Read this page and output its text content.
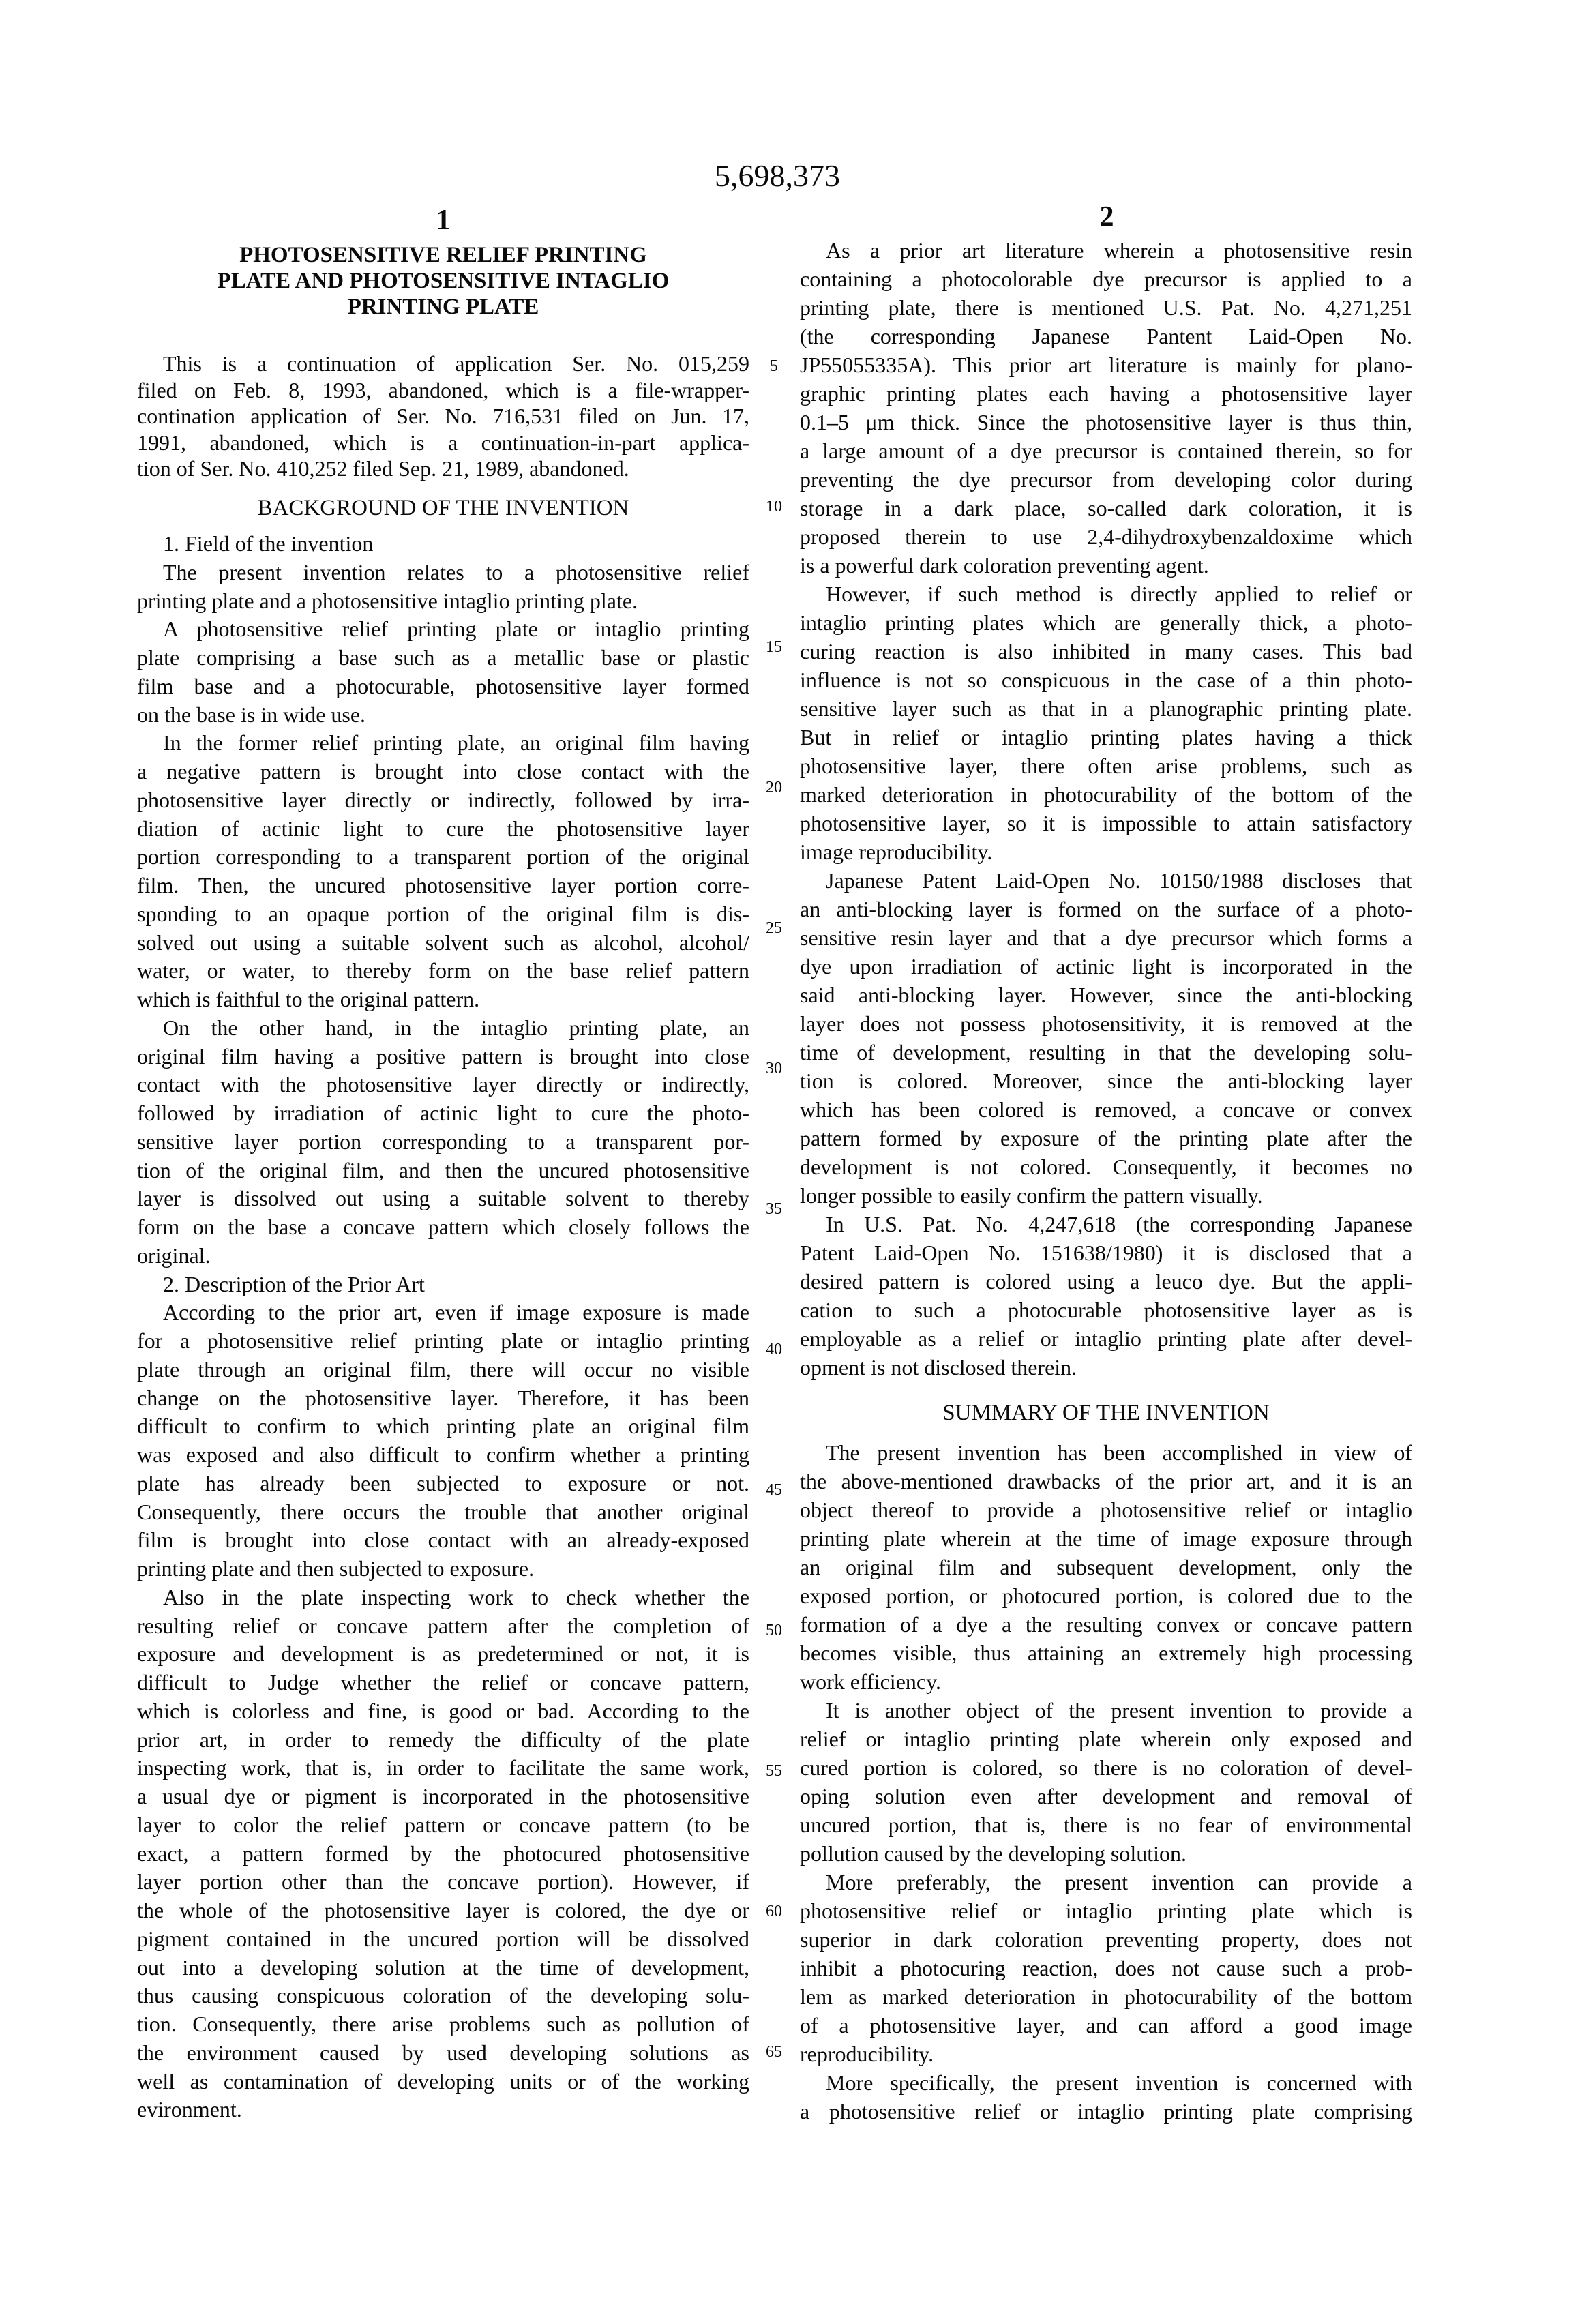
5,698,373
1	2
PHOTOSENSITIVE RELIEF PRINTING
PLATE AND PHOTOSENSITIVE INTAGLIO
PRINTING PLATE
This is a continuation of application Ser. No. 015,259
filed on Feb. 8, 1993, abandoned, which is a file-wrapper-
contination application of Ser. No. 716,531 filed on Jun. 17,
1991, abandoned, which is a continuation-in-part applica-
tion of Ser. No. 410,252 filed Sep. 21, 1989, abandoned.
BACKGROUND OF THE INVENTION
1. Field of the invention
The present invention relates to a photosensitive relief
printing plate and a photosensitive intaglio printing plate.
A photosensitive relief printing plate or intaglio printing
plate comprising a base such as a metallic base or plastic
film base and a photocurable, photosensitive layer formed
on the base is in wide use.
In the former relief printing plate, an original film having
a negative pattern is brought into close contact with the
photosensitive layer directly or indirectly, followed by irra-
diation of actinic light to cure the photosensitive layer
portion corresponding to a transparent portion of the original
film. Then, the uncured photosensitive layer portion corre-
sponding to an opaque portion of the original film is dis-
solved out using a suitable solvent such as alcohol, alcohol/
water, or water, to thereby form on the base relief pattern
which is faithful to the original pattern.
On the other hand, in the intaglio printing plate, an
original film having a positive pattern is brought into close
contact with the photosensitive layer directly or indirectly,
followed by irradiation of actinic light to cure the photo-
sensitive layer portion corresponding to a transparent por-
tion of the original film, and then the uncured photosensitive
layer is dissolved out using a suitable solvent to thereby
form on the base a concave pattern which closely follows the
original.
2. Description of the Prior Art
According to the prior art, even if image exposure is made
for a photosensitive relief printing plate or intaglio printing
plate through an original film, there will occur no visible
change on the photosensitive layer. Therefore, it has been
difficult to confirm to which printing plate an original film
was exposed and also difficult to confirm whether a printing
plate has already been subjected to exposure or not.
Consequently, there occurs the trouble that another original
film is brought into close contact with an already-exposed
printing plate and then subjected to exposure.
Also in the plate inspecting work to check whether the
resulting relief or concave pattern after the completion of
exposure and development is as predetermined or not, it is
difficult to Judge whether the relief or concave pattern,
which is colorless and fine, is good or bad. According to the
prior art, in order to remedy the difficulty of the plate
inspecting work, that is, in order to facilitate the same work,
a usual dye or pigment is incorporated in the photosensitive
layer to color the relief pattern or concave pattern (to be
exact, a pattern formed by the photocured photosensitive
layer portion other than the concave portion). However, if
the whole of the photosensitive layer is colored, the dye or
pigment contained in the uncured portion will be dissolved
out into a developing solution at the time of development,
thus causing conspicuous coloration of the developing solu-
tion. Consequently, there arise problems such as pollution of
the environment caused by used developing solutions as
well as contamination of developing units or of the working
evironment.
As a prior art literature wherein a photosensitive resin
containing a photocolorable dye precursor is applied to a
printing plate, there is mentioned U.S. Pat. No. 4,271,251
(the corresponding Japanese Pantent Laid-Open No.
JP55055335A). This prior art literature is mainly for plano-
graphic printing plates each having a photosensitive layer
0.1–5 μm thick. Since the photosensitive layer is thus thin,
a large amount of a dye precursor is contained therein, so for
preventing the dye precursor from developing color during
storage in a dark place, so-called dark coloration, it is
proposed therein to use 2,4-dihydroxybenzaldoxime which
is a powerful dark coloration preventing agent.
However, if such method is directly applied to relief or
intaglio printing plates which are generally thick, a photo-
curing reaction is also inhibited in many cases. This bad
influence is not so conspicuous in the case of a thin photo-
sensitive layer such as that in a planographic printing plate.
But in relief or intaglio printing plates having a thick
photosensitive layer, there often arise problems, such as
marked deterioration in photocurability of the bottom of the
photosensitive layer, so it is impossible to attain satisfactory
image reproducibility.
Japanese Patent Laid-Open No. 10150/1988 discloses that
an anti-blocking layer is formed on the surface of a photo-
sensitive resin layer and that a dye precursor which forms a
dye upon irradiation of actinic light is incorporated in the
said anti-blocking layer. However, since the anti-blocking
layer does not possess photosensitivity, it is removed at the
time of development, resulting in that the developing solu-
tion is colored. Moreover, since the anti-blocking layer
which has been colored is removed, a concave or convex
pattern formed by exposure of the printing plate after the
development is not colored. Consequently, it becomes no
longer possible to easily confirm the pattern visually.
In U.S. Pat. No. 4,247,618 (the corresponding Japanese
Patent Laid-Open No. 151638/1980) it is disclosed that a
desired pattern is colored using a leuco dye. But the appli-
cation to such a photocurable photosensitive layer as is
employable as a relief or intaglio printing plate after devel-
opment is not disclosed therein.
SUMMARY OF THE INVENTION
The present invention has been accomplished in view of
the above-mentioned drawbacks of the prior art, and it is an
object thereof to provide a photosensitive relief or intaglio
printing plate wherein at the time of image exposure through
an original film and subsequent development, only the
exposed portion, or photocured portion, is colored due to the
formation of a dye a the resulting convex or concave pattern
becomes visible, thus attaining an extremely high processing
work efficiency.
It is another object of the present invention to provide a
relief or intaglio printing plate wherein only exposed and
cured portion is colored, so there is no coloration of devel-
oping solution even after development and removal of
uncured portion, that is, there is no fear of environmental
pollution caused by the developing solution.
More preferably, the present invention can provide a
photosensitive relief or intaglio printing plate which is
superior in dark coloration preventing property, does not
inhibit a photocuring reaction, does not cause such a prob-
lem as marked deterioration in photocurability of the bottom
of a photosensitive layer, and can afford a good image
reproducibility.
More specifically, the present invention is concerned with
a photosensitive relief or intaglio printing plate comprising
5
10
15
20
25
30
35
40
45
50
55
60
65
